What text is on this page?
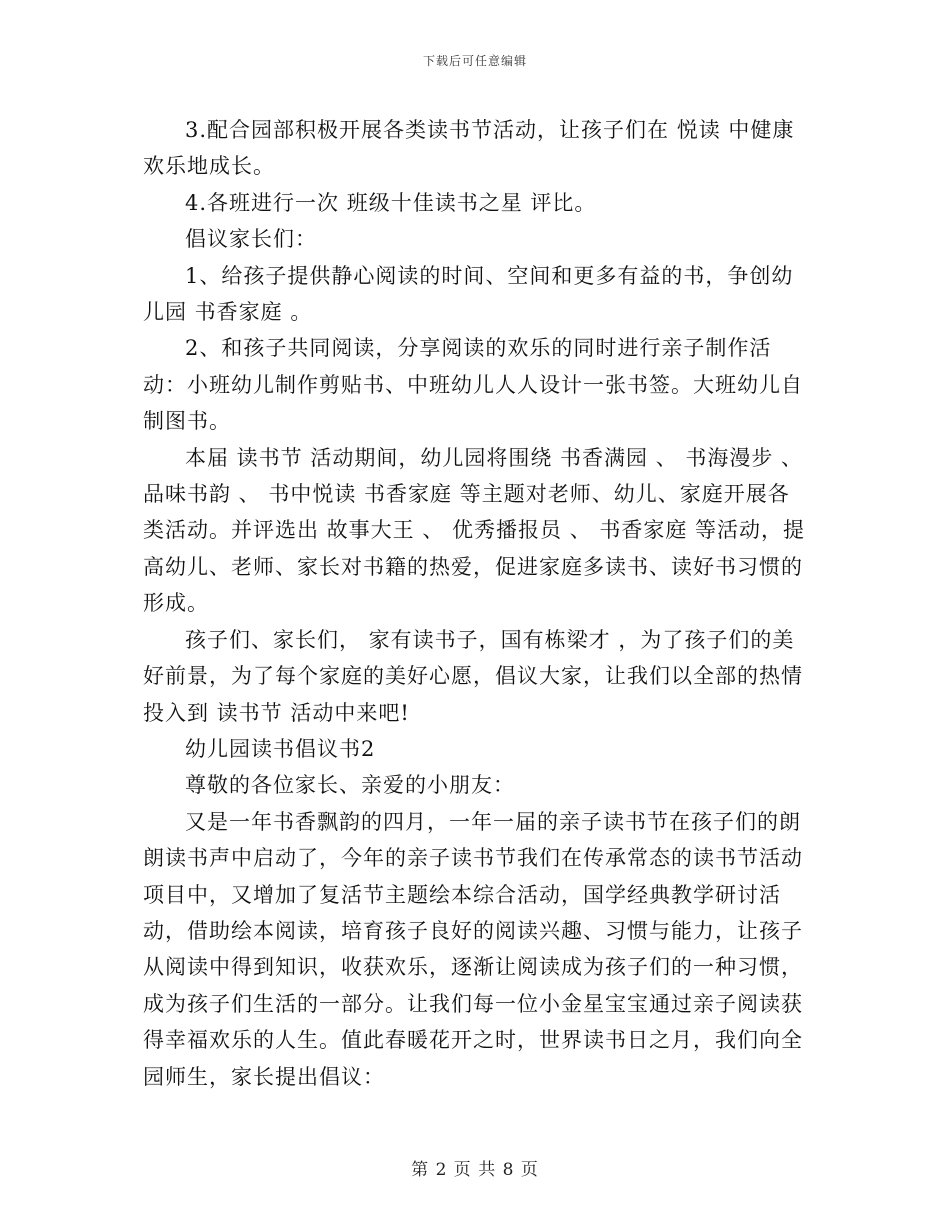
下载后可任意编辑

3.配合园部积极开展各类读书节活动，让孩子们在 悦读 中健康欢乐地成长。

4.各班进行一次 班级十佳读书之星 评比。

倡议家长们：

1、给孩子提供静心阅读的时间、空间和更多有益的书，争创幼儿园 书香家庭 。

2、和孩子共同阅读，分享阅读的欢乐的同时进行亲子制作活动：小班幼儿制作剪贴书、中班幼儿人人设计一张书签。大班幼儿自制图书。

本届 读书节 活动期间，幼儿园将围绕 书香满园 、 书海漫步 、 品味书韵 、 书中悦读 书香家庭 等主题对老师、幼儿、家庭开展各类活动。并评选出 故事大王 、 优秀播报员 、 书香家庭 等活动，提高幼儿、老师、家长对书籍的热爱，促进家庭多读书、读好书习惯的形成。

孩子们、家长们， 家有读书子，国有栋梁才 ，为了孩子们的美好前景，为了每个家庭的美好心愿，倡议大家，让我们以全部的热情投入到 读书节 活动中来吧!

幼儿园读书倡议书2

尊敬的各位家长、亲爱的小朋友：

又是一年书香飘韵的四月，一年一届的亲子读书节在孩子们的朗朗读书声中启动了，今年的亲子读书节我们在传承常态的读书节活动项目中，又增加了复活节主题绘本综合活动，国学经典教学研讨活动，借助绘本阅读，培育孩子良好的阅读兴趣、习惯与能力，让孩子从阅读中得到知识，收获欢乐，逐渐让阅读成为孩子们的一种习惯，成为孩子们生活的一部分。让我们每一位小金星宝宝通过亲子阅读获得幸福欢乐的人生。值此春暖花开之时，世界读书日之月，我们向全园师生，家长提出倡议：

第 2 页 共 8 页
